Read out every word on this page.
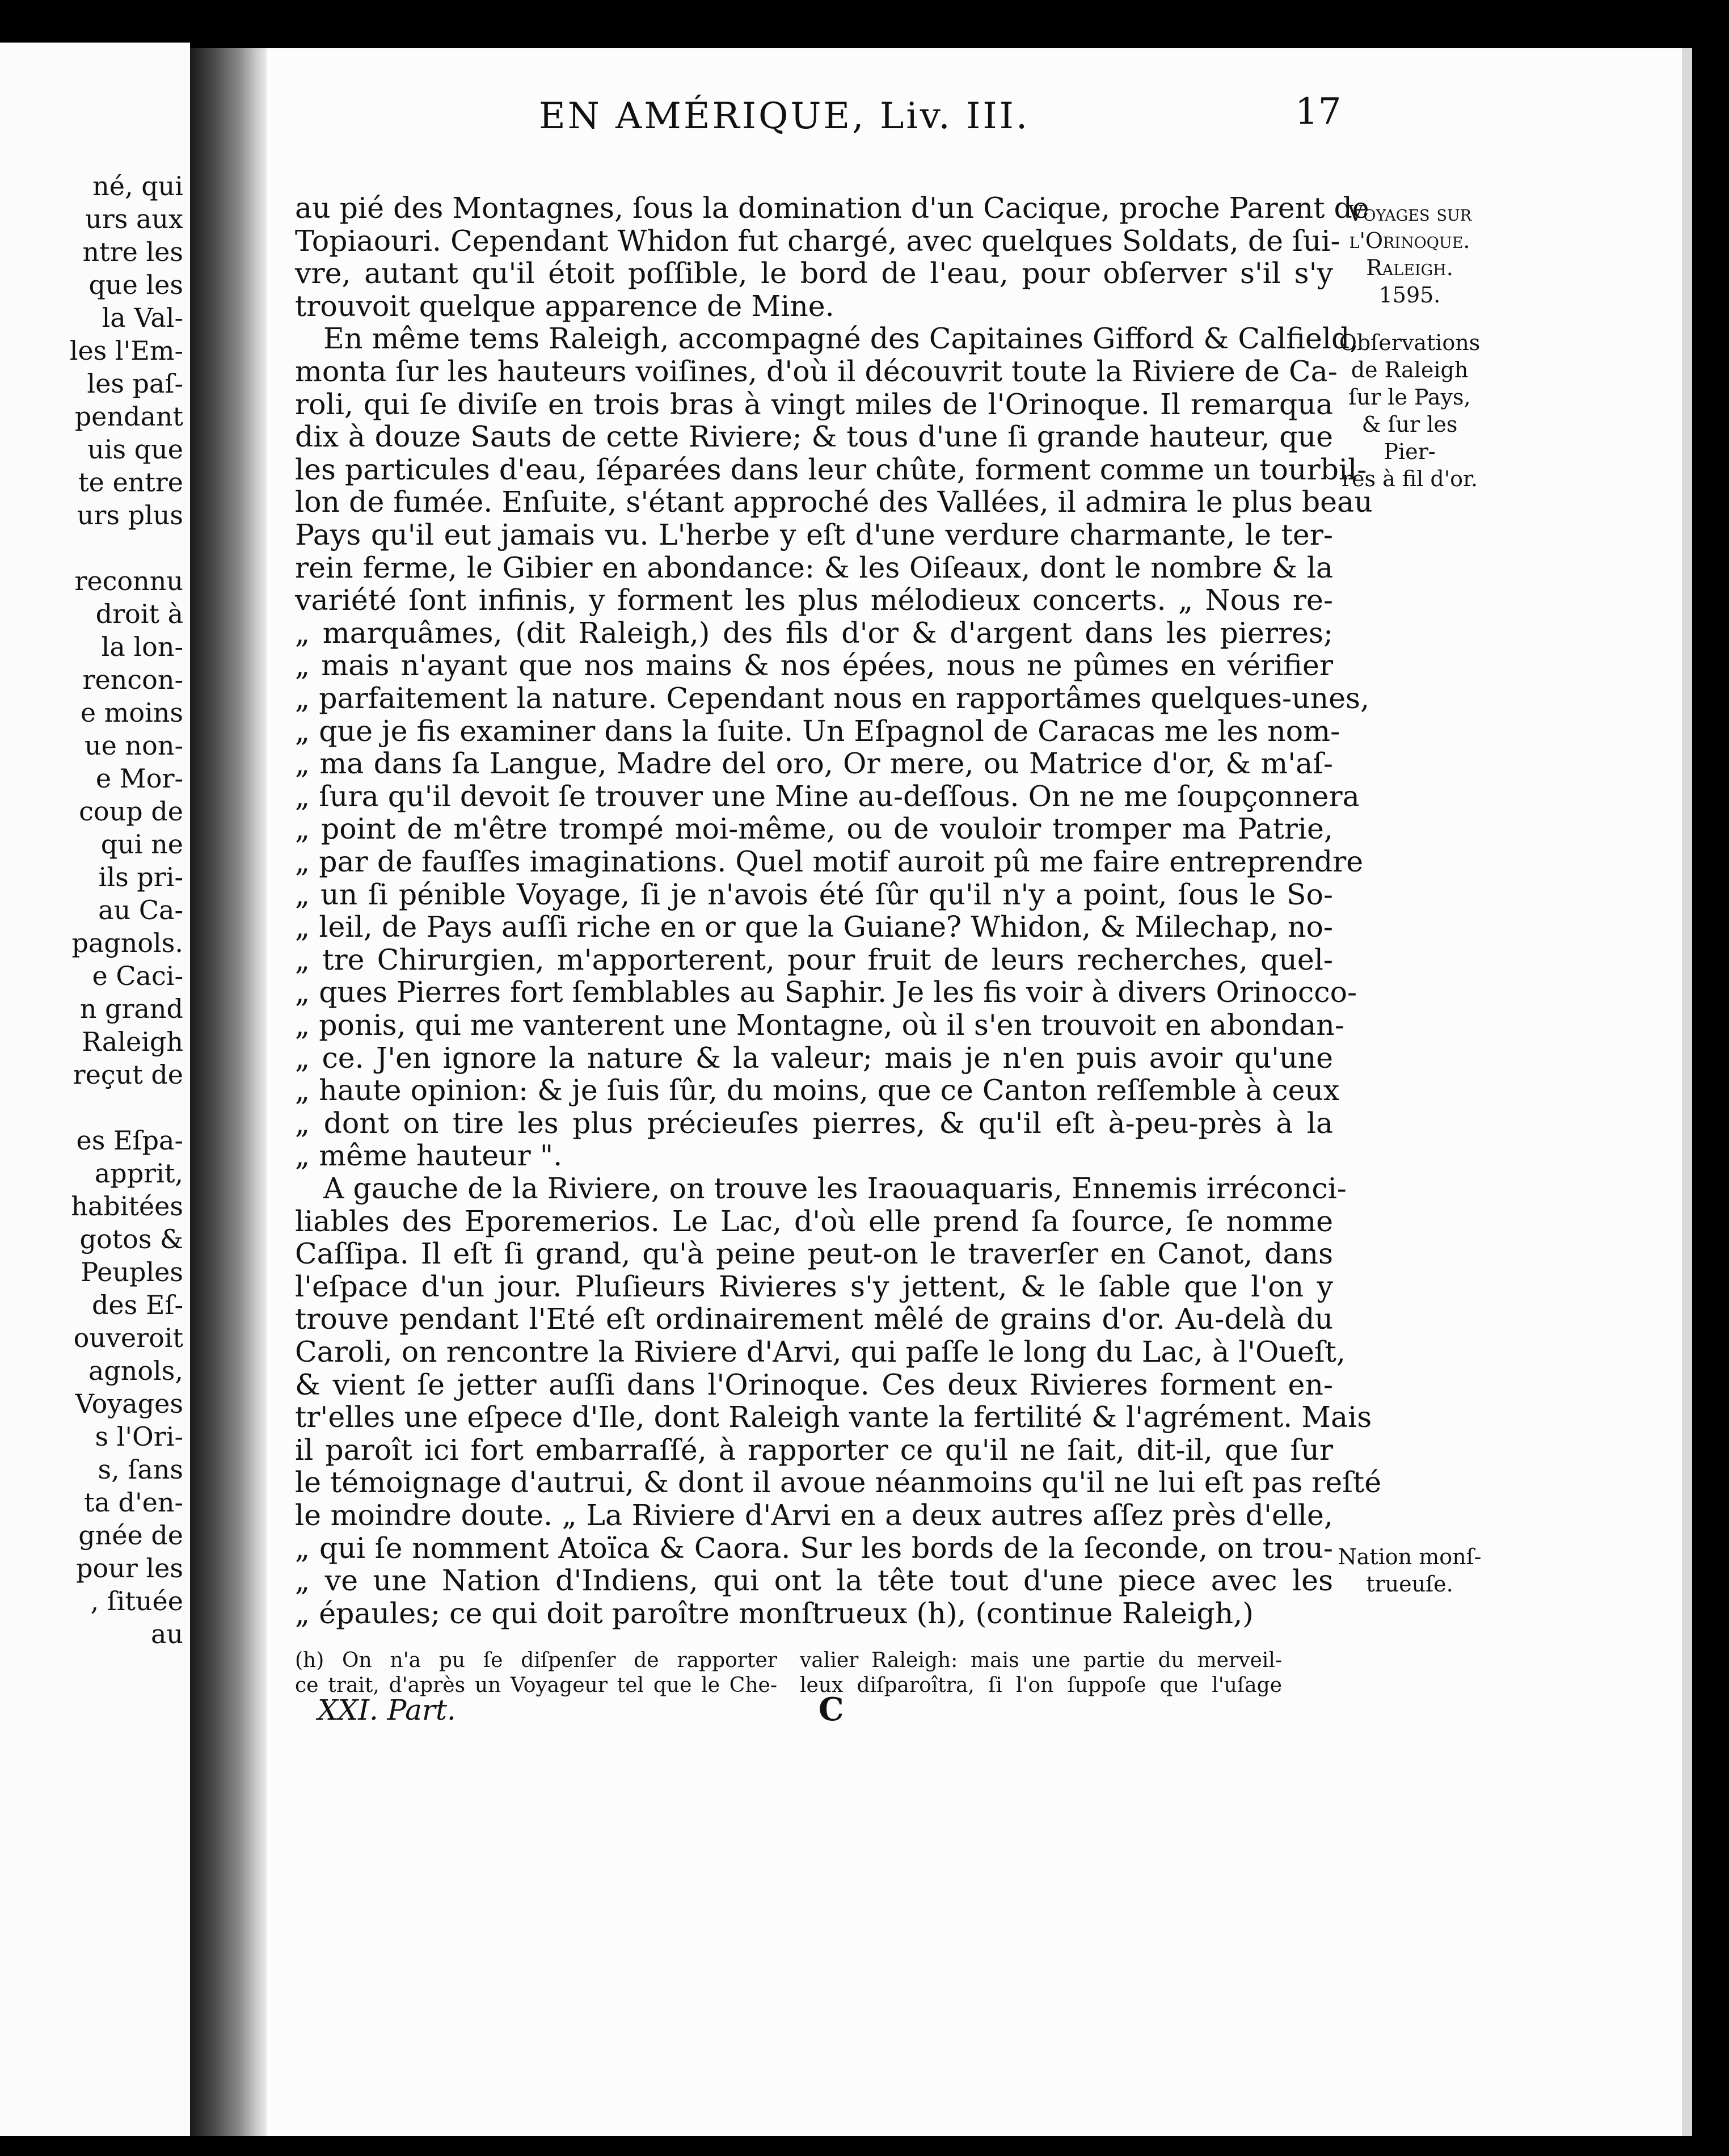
né, qui
urs aux
ntre les
que les
la Val-
les l'Em-
les paſ-
pendant
uis que
te entre
urs plus
reconnu
droit à
la lon-
rencon-
e moins
ue non-
e Mor-
coup de
qui ne
ils pri-
au Ca-
pagnols.
e Caci-
n grand
Raleigh
reçut de
es Eſpa-
apprit,
habitées
gotos &
Peuples
des Eſ-
ouveroit
agnols,
Voyages
s l'Ori-
s, ſans
ta d'en-
gnée de
pour les
, ſituée
au
EN AMÉRIQUE, Liv. III.	17
au pié des Montagnes, ſous la domination d'un Cacique, proche Parent de
Topiaouri. Cependant Whidon fut chargé, avec quelques Soldats, de ſui-
vre, autant qu'il étoit poſſible, le bord de l'eau, pour obſerver s'il s'y
trouvoit quelque apparence de Mine.
En même tems Raleigh, accompagné des Capitaines Gifford & Calfield,
monta ſur les hauteurs voiſines, d'où il découvrit toute la Riviere de Ca-
roli, qui ſe diviſe en trois bras à vingt miles de l'Orinoque. Il remarqua
dix à douze Sauts de cette Riviere; & tous d'une ſi grande hauteur, que
les particules d'eau, ſéparées dans leur chûte, forment comme un tourbil-
lon de fumée. Enſuite, s'étant approché des Vallées, il admira le plus beau
Pays qu'il eut jamais vu. L'herbe y eſt d'une verdure charmante, le ter-
rein ferme, le Gibier en abondance: & les Oiſeaux, dont le nombre & la
variété ſont infinis, y forment les plus mélodieux concerts. „ Nous re-
„ marquâmes, (dit Raleigh,) des fils d'or & d'argent dans les pierres;
„ mais n'ayant que nos mains & nos épées, nous ne pûmes en vérifier
„ parfaitement la nature. Cependant nous en rapportâmes quelques-unes,
„ que je fis examiner dans la ſuite. Un Eſpagnol de Caracas me les nom-
„ ma dans ſa Langue, Madre del oro, Or mere, ou Matrice d'or, & m'aſ-
„ ſura qu'il devoit ſe trouver une Mine au-deſſous. On ne me ſoupçonnera
„ point de m'être trompé moi-même, ou de vouloir tromper ma Patrie,
„ par de fauſſes imaginations. Quel motif auroit pû me faire entreprendre
„ un ſi pénible Voyage, ſi je n'avois été ſûr qu'il n'y a point, ſous le So-
„ leil, de Pays auſſi riche en or que la Guiane? Whidon, & Milechap, no-
„ tre Chirurgien, m'apporterent, pour fruit de leurs recherches, quel-
„ ques Pierres fort ſemblables au Saphir. Je les fis voir à divers Orinocco-
„ ponis, qui me vanterent une Montagne, où il s'en trouvoit en abondan-
„ ce. J'en ignore la nature & la valeur; mais je n'en puis avoir qu'une
„ haute opinion: & je ſuis ſûr, du moins, que ce Canton reſſemble à ceux
„ dont on tire les plus précieuſes pierres, & qu'il eſt à-peu-près à la
„ même hauteur ".
A gauche de la Riviere, on trouve les Iraouaquaris, Ennemis irréconci-
liables des Eporemerios. Le Lac, d'où elle prend ſa ſource, ſe nomme
Caſſipa. Il eſt ſi grand, qu'à peine peut-on le traverſer en Canot, dans
l'eſpace d'un jour. Pluſieurs Rivieres s'y jettent, & le ſable que l'on y
trouve pendant l'Eté eſt ordinairement mêlé de grains d'or. Au-delà du
Caroli, on rencontre la Riviere d'Arvi, qui paſſe le long du Lac, à l'Oueſt,
& vient ſe jetter auſſi dans l'Orinoque. Ces deux Rivieres forment en-
tr'elles une eſpece d'Ile, dont Raleigh vante la fertilité & l'agrément. Mais
il paroît ici fort embarraſſé, à rapporter ce qu'il ne ſait, dit-il, que ſur
le témoignage d'autrui, & dont il avoue néanmoins qu'il ne lui eſt pas reſté
le moindre doute. „ La Riviere d'Arvi en a deux autres aſſez près d'elle,
„ qui ſe nomment Atoïca & Caora. Sur les bords de la ſeconde, on trou-
„ ve une Nation d'Indiens, qui ont la tête tout d'une piece avec les
„ épaules; ce qui doit paroître monſtrueux (h), (continue Raleigh,)
Voyages sur
l'Orinoque.
Raleigh.
1595.
Obſervations
de Raleigh
ſur le Pays,
& ſur les Pier-
res à fil d'or.
Nation monſ-
trueuſe.
(h) On n'a pu ſe diſpenſer de rapporter
ce trait, d'après un Voyageur tel que le Che-
valier Raleigh: mais une partie du merveil-
leux diſparoîtra, ſi l'on ſuppoſe que l'uſage
XXI. Part.	C
